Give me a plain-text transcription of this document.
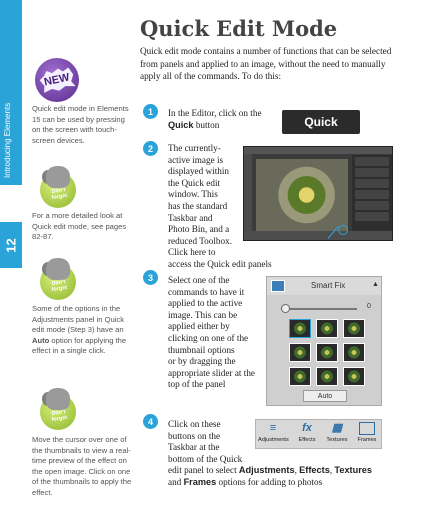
Introducing Elements
12
NEW
Quick edit mode in Elements 15 can be used by pressing on the screen with touch-screen devices.
Don't forget
For a more detailed look at Quick edit mode, see pages 82-87.
Don't forget
Some of the options in the Adjustments panel in Quick edit mode (Step 3) have an Auto option for applying the effect in a single click.
Don't forget
Move the cursor over one of the thumbnails to view a real-time preview of the effect on the open image. Click on one of the thumbnails to apply the effect.
Quick Edit Mode
Quick edit mode contains a number of functions that can be selected from panels and applied to an image, without the need to manually apply all of the commands. To do this:
1	In the Editor, click on the
Quick button	Quick
2	The currently-
active image is
displayed within
the Quick edit
window. This
has the standard
Taskbar and
Photo Bin, and a
reduced Toolbox.
Click here to
access the Quick edit panels
3	Select one of the
commands to have it
applied to the active
image. This can be
applied either by
clicking on one of the
thumbnail options
or by dragging the
appropriate slider at the
top of the panel
Smart Fix	▲
0
Auto
4	Click on these
buttons on the
Taskbar at the
bottom of the Quick
edit panel to select Adjustments, Effects, Textures
and Frames options for adding to photos
≡
Adjustments
fx
Effects
▦
Textures	Frames
